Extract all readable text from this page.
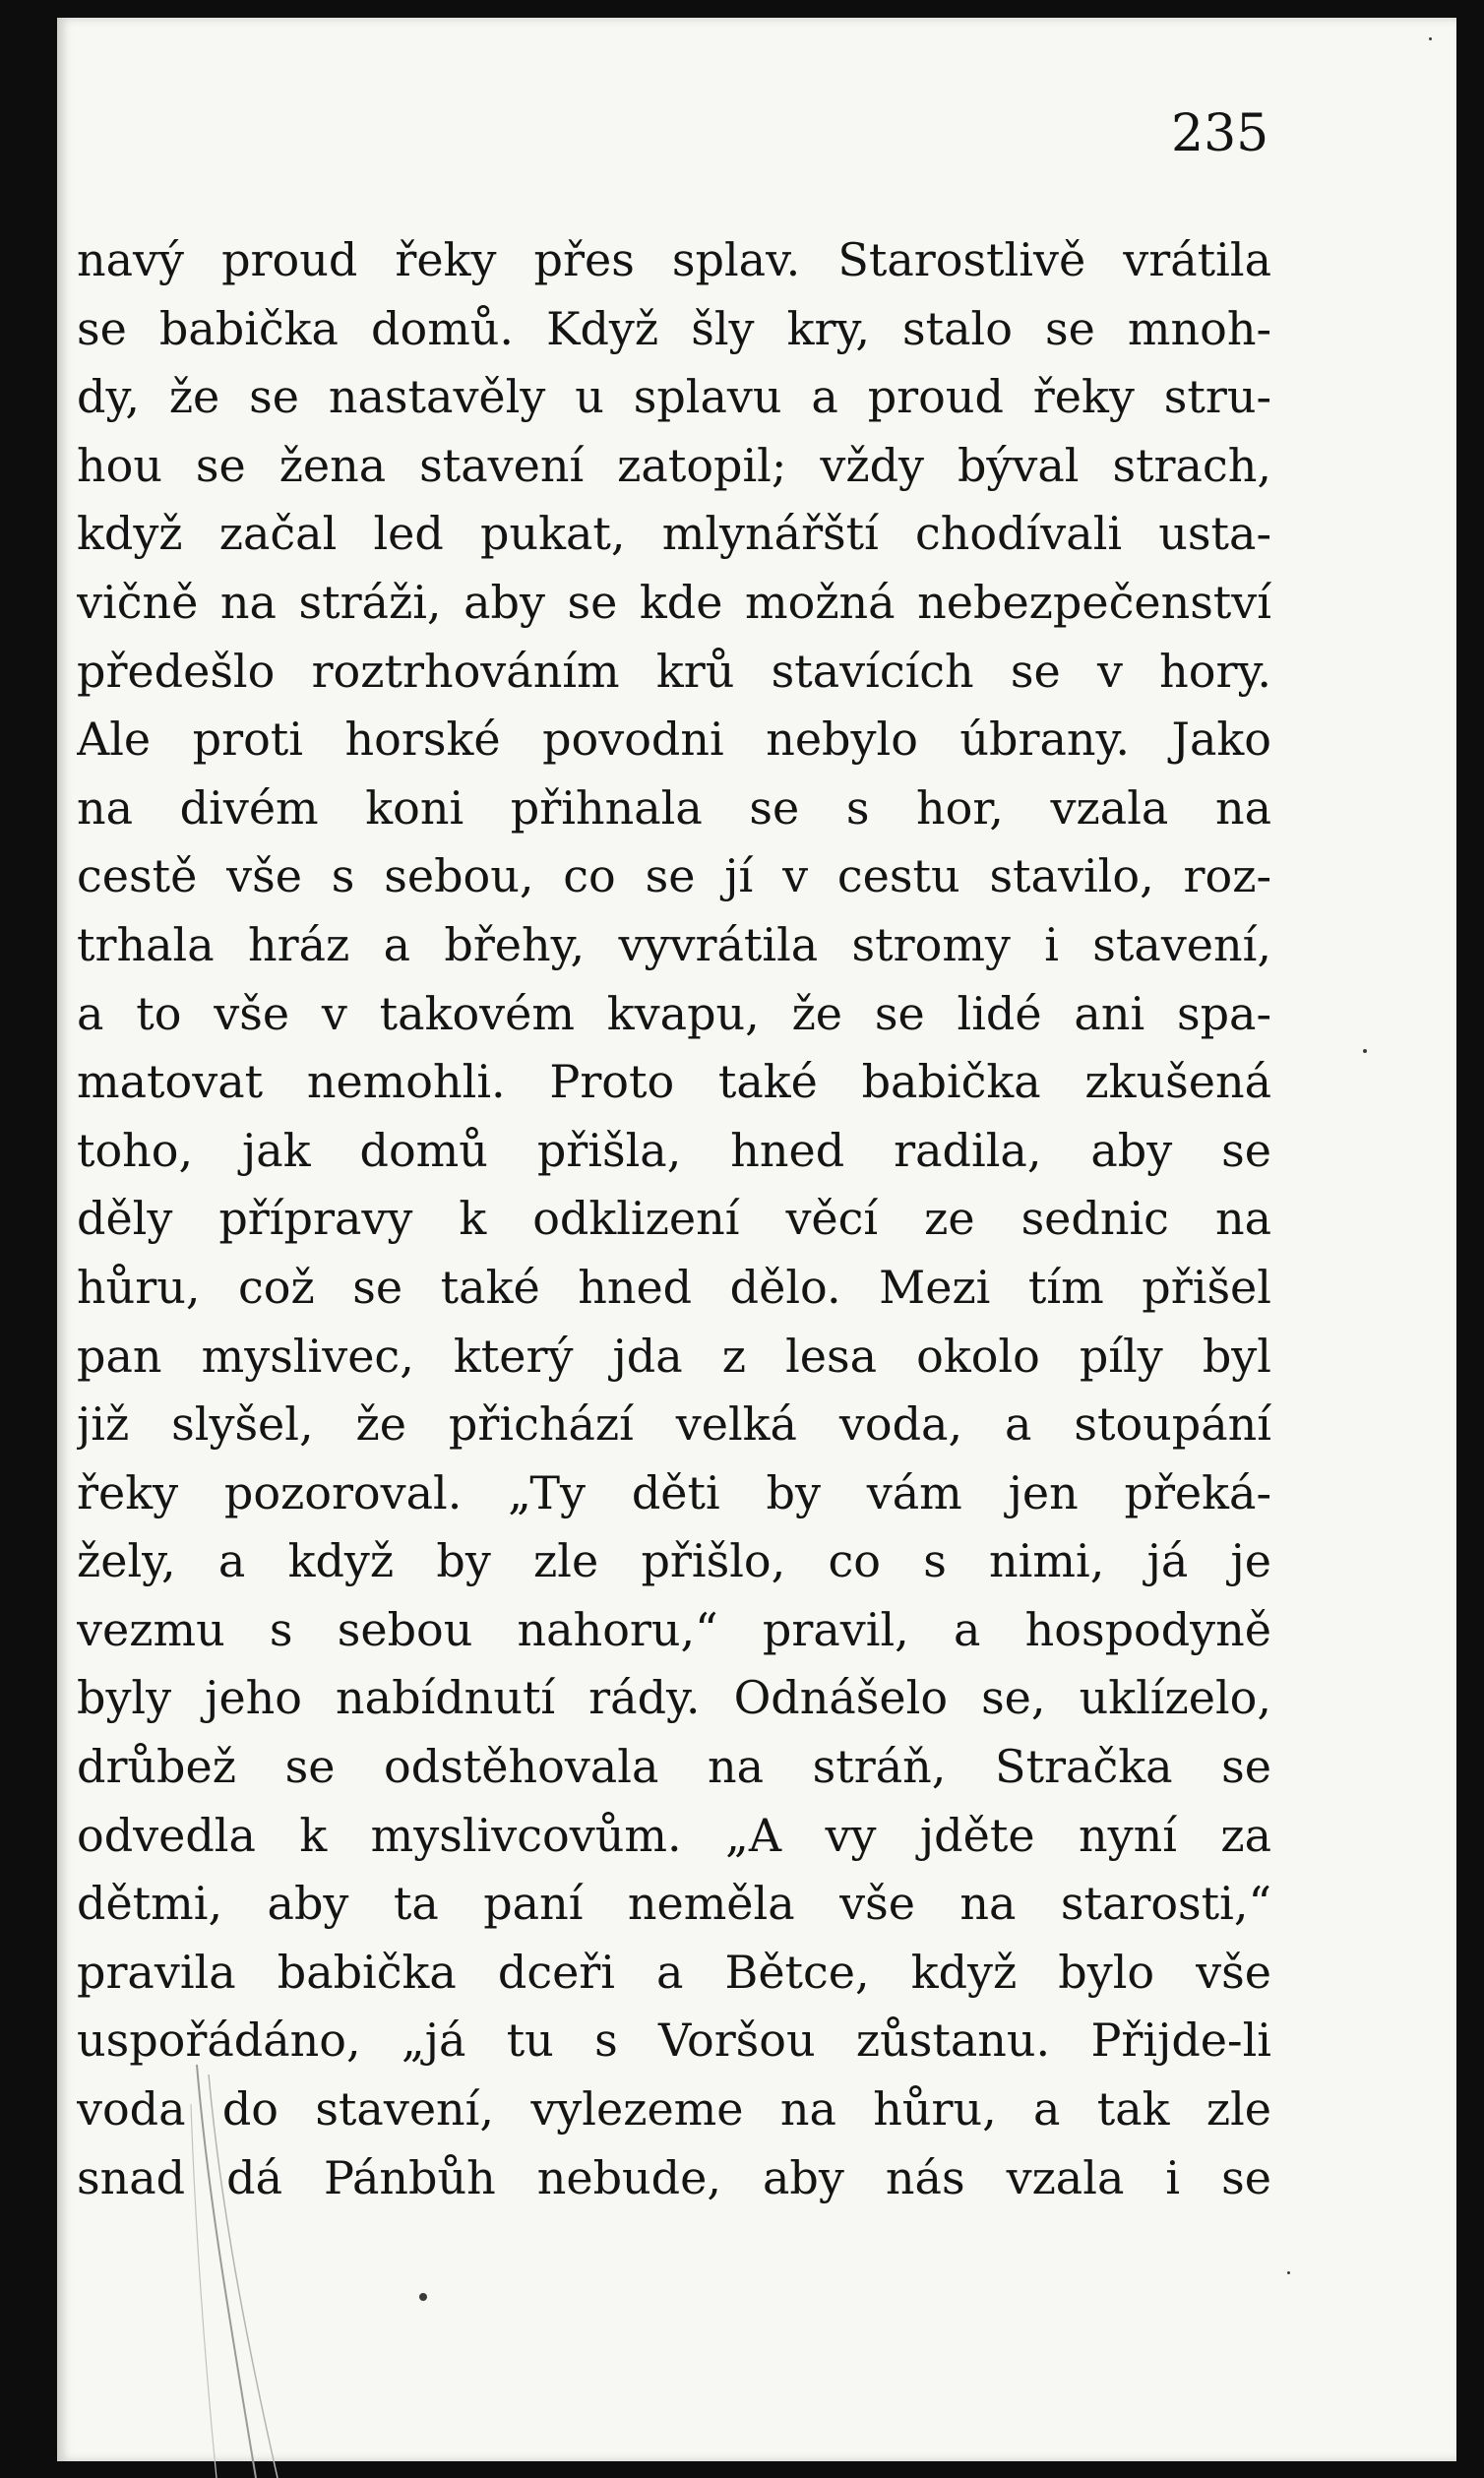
235
navý proud řeky přes splav. Starostlivě vrátila
se babička domů. Když šly kry, stalo se mnoh-
dy, že se nastavěly u splavu a proud řeky stru-
hou se žena stavení zatopil; vždy býval strach,
když začal led pukat, mlynářští chodívali usta-
vičně na stráži, aby se kde možná nebezpečenství
předešlo roztrhováním krů stavících se v hory.
Ale proti horské povodni nebylo úbrany. Jako
na divém koni přihnala se s hor, vzala na
cestě vše s sebou, co se jí v cestu stavilo, roz-
trhala hráz a břehy, vyvrátila stromy i stavení,
a to vše v takovém kvapu, že se lidé ani spa-
matovat nemohli. Proto také babička zkušená
toho, jak domů přišla, hned radila, aby se
děly přípravy k odklizení věcí ze sednic na
hůru, což se také hned dělo. Mezi tím přišel
pan myslivec, který jda z lesa okolo píly byl
již slyšel, že přichází velká voda, a stoupání
řeky pozoroval. „Ty děti by vám jen překá-
žely, a když by zle přišlo, co s nimi, já je
vezmu s sebou nahoru,“ pravil, a hospodyně
byly jeho nabídnutí rády. Odnášelo se, uklízelo,
drůbež se odstěhovala na stráň, Stračka se
odvedla k myslivcovům. „A vy jděte nyní za
dětmi, aby ta paní neměla vše na starosti,“
pravila babička dceři a Bětce, když bylo vše
uspořádáno, „já tu s Voršou zůstanu. Přijde-li
voda do stavení, vylezeme na hůru, a tak zle
snad dá Pánbůh nebude, aby nás vzala i se
